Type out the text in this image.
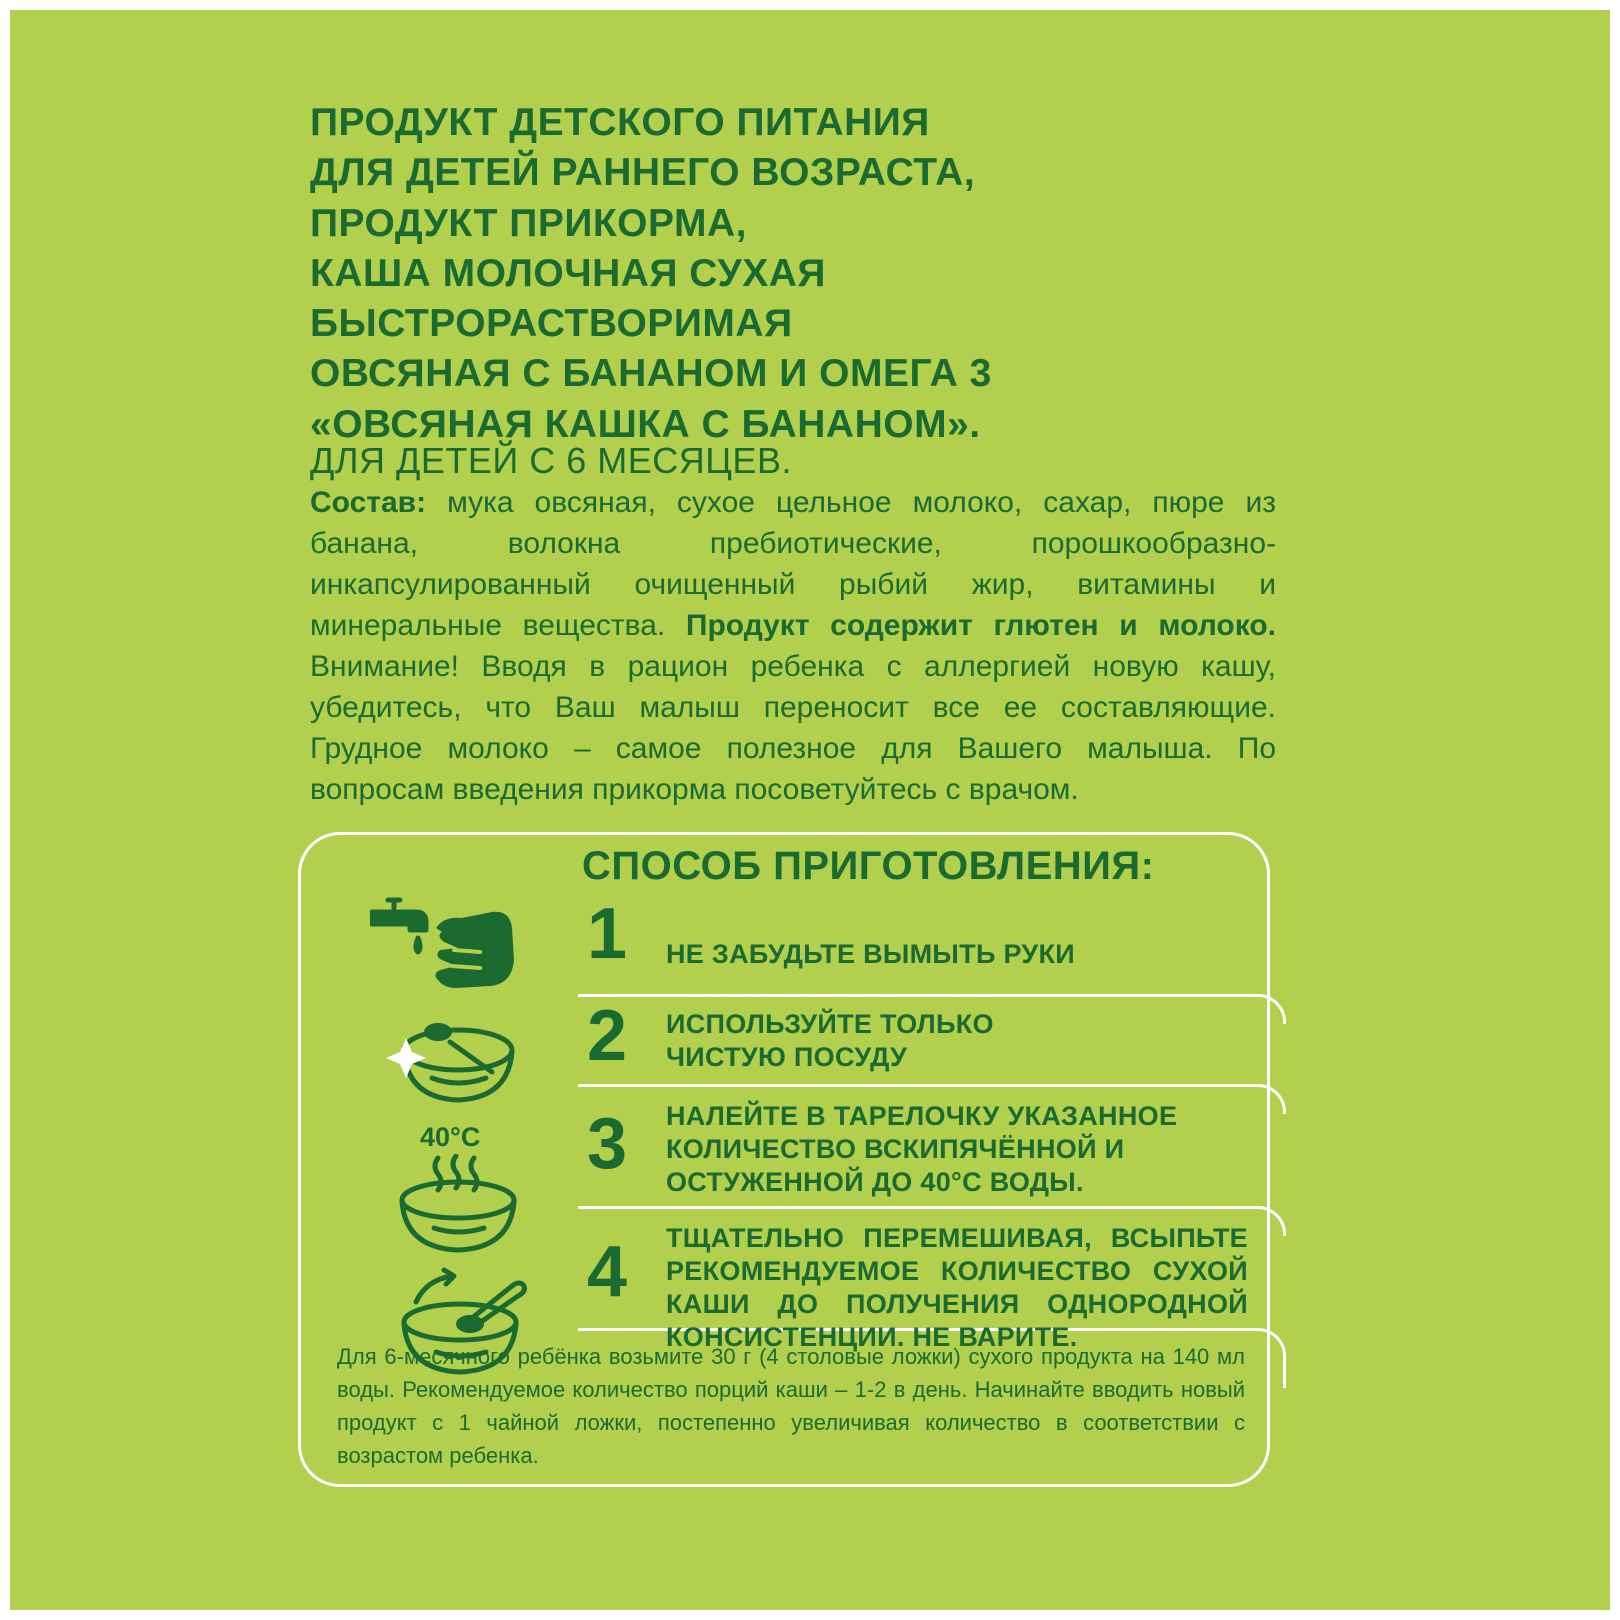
ПРОДУКТ ДЕТСКОГО ПИТАНИЯ
ДЛЯ ДЕТЕЙ РАННЕГО ВОЗРАСТА,
ПРОДУКТ ПРИКОРМА,
КАША МОЛОЧНАЯ СУХАЯ
БЫСТРОРАСТВОРИМАЯ
ОВСЯНАЯ С БАНАНОМ И ОМЕГА 3
«ОВСЯНАЯ КАШКА С БАНАНОМ».
ДЛЯ ДЕТЕЙ С 6 МЕСЯЦЕВ.
Состав: мука овсяная, сухое цельное молоко, сахар, пюре из банана, волокна пребиотические, порошкообразно-инкапсулированный очищенный рыбий жир, витамины и минеральные вещества. Продукт содержит глютен и молоко. Внимание! Вводя в рацион ребенка с аллергией новую кашу, убедитесь, что Ваш малыш переносит все ее составляющие. Грудное молоко – самое полезное для Вашего малыша. По вопросам введения прикорма посоветуйтесь с врачом.
СПОСОБ ПРИГОТОВЛЕНИЯ:
1
2
3
4
НЕ ЗАБУДЬТЕ ВЫМЫТЬ РУКИ
ИСПОЛЬЗУЙТЕ ТОЛЬКО ЧИСТУЮ ПОСУДУ
НАЛЕЙТЕ В ТАРЕЛОЧКУ УКАЗАННОЕ КОЛИЧЕСТВО ВСКИПЯЧЁННОЙ И ОСТУЖЕННОЙ ДО 40°С ВОДЫ.
ТЩАТЕЛЬНО ПЕРЕМЕШИВАЯ, ВСЫПЬТЕ РЕКОМЕНДУЕМОЕ КОЛИЧЕСТВО СУХОЙ КАШИ ДО ПОЛУЧЕНИЯ ОДНОРОДНОЙ КОНСИСТЕНЦИИ. НЕ ВАРИТЕ.
40°C
Для 6-месячного ребёнка возьмите 30 г (4 столовые ложки) сухого продукта на 140 мл воды. Рекомендуемое количество порций каши – 1-2 в день. Начинайте вводить новый продукт с 1 чайной ложки, постепенно увеличивая количество в соответствии с возрастом ребенка.
